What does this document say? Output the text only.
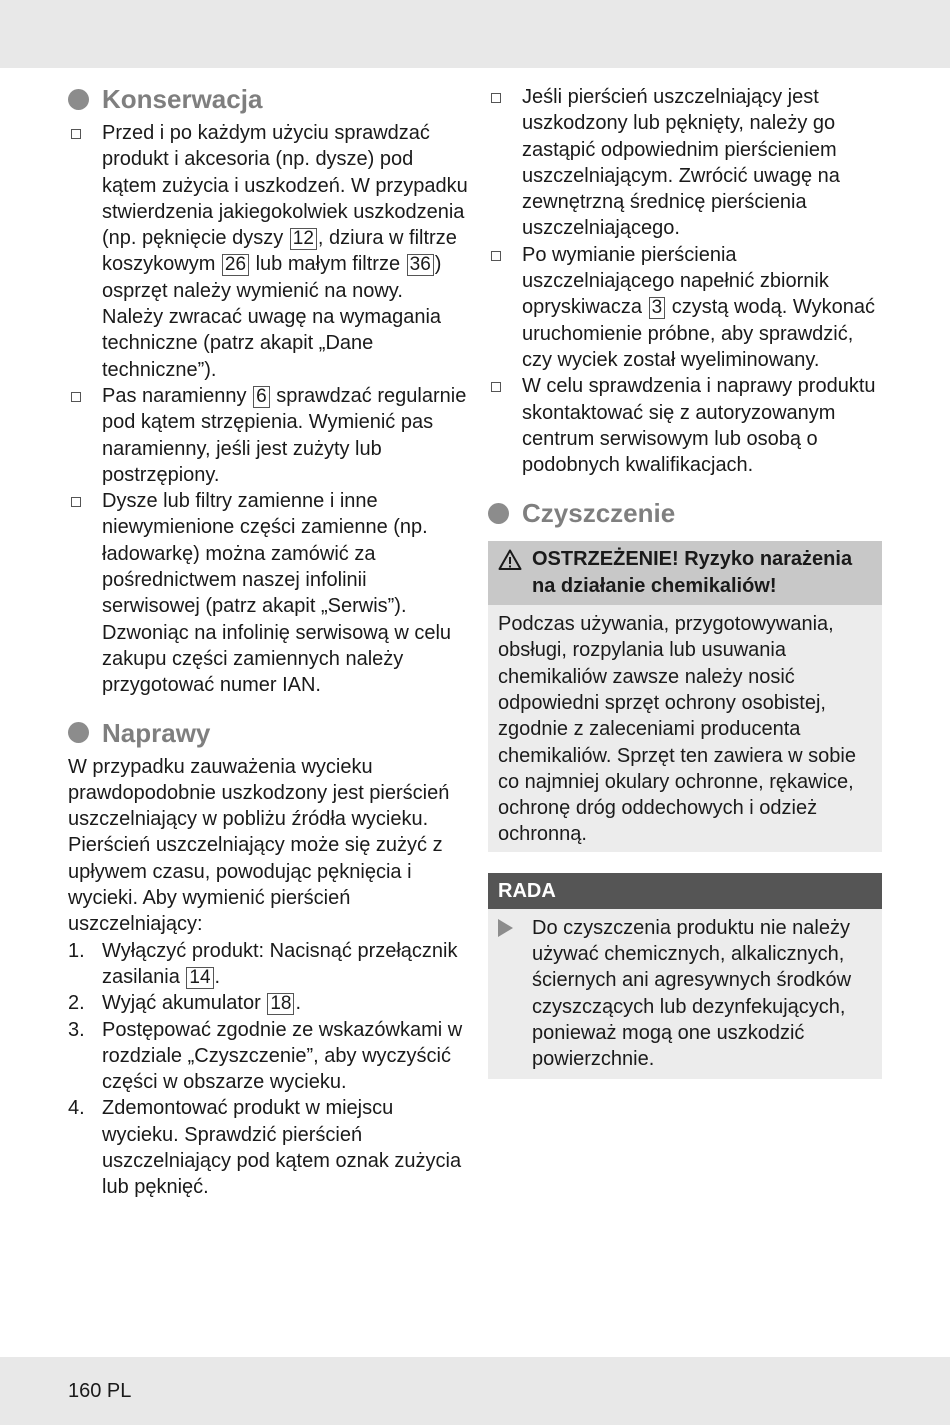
Konserwacja
Przed i po każdym użyciu sprawdzać produkt i akcesoria (np. dysze) pod kątem zużycia i uszkodzeń. W przypadku stwierdzenia jakiegokolwiek uszkodzenia (np. pęknięcie dyszy 12 , dziura w filtrze koszykowym 26 lub małym filtrze 36 ) osprzęt należy wymienić na nowy. Należy zwracać uwagę na wymagania techniczne (patrz akapit „Dane techniczne”).
Pas naramienny 6 sprawdzać regularnie pod kątem strzępienia. Wymienić pas naramienny, jeśli jest zużyty lub postrzępiony.
Dysze lub filtry zamienne i inne niewymienione części zamienne (np. ładowarkę) można zamówić za pośrednictwem naszej infolinii serwisowej (patrz akapit „Serwis”). Dzwoniąc na infolinię serwisową w celu zakupu części zamiennych należy przygotować numer IAN.
Naprawy

W przypadku zauważenia wycieku prawdopodobnie uszkodzony jest pierścień uszczelniający w pobliżu źródła wycieku. Pierścień uszczelniający może się zużyć z upływem czasu, powodując pęknięcia i wycieki. Aby wymienić pierścień uszczelniający:

1. Wyłączyć produkt: Nacisnąć przełącznik zasilania 14 .
2. Wyjąć akumulator 18 .
3. Postępować zgodnie ze wskazówkami w rozdziale „Czyszczenie”, aby wyczyścić części w obszarze wycieku.
4. Zdemontować produkt w miejscu wycieku. Sprawdzić pierścień uszczelniający pod kątem oznak zużycia lub pęknięć.
Jeśli pierścień uszczelniający jest uszkodzony lub pęknięty, należy go zastąpić odpowiednim pierścieniem uszczelniającym. Zwrócić uwagę na zewnętrzną średnicę pierścienia uszczelniającego.
Po wymianie pierścienia uszczelniającego napełnić zbiornik opryskiwacza 3 czystą wodą. Wykonać uruchomienie próbne, aby sprawdzić, czy wyciek został wyeliminowany.
W celu sprawdzenia i naprawy produktu skontaktować się z autoryzowanym centrum serwisowym lub osobą o podobnych kwalifikacjach.
Czyszczenie
OSTRZEŻENIE! Ryzyko narażenia na działanie chemikaliów!
Podczas używania, przygotowywania, obsługi, rozpylania lub usuwania chemikaliów zawsze należy nosić odpowiedni sprzęt ochrony osobistej, zgodnie z zaleceniami producenta chemikaliów. Sprzęt ten zawiera w sobie co najmniej okulary ochronne, rękawice, ochronę dróg oddechowych i odzież ochronną.
RADA
Do czyszczenia produktu nie należy używać chemicznych, alkalicznych, ściernych ani agresywnych środków czyszczących lub dezynfekujących, ponieważ mogą one uszkodzić powierzchnie.
160 PL
